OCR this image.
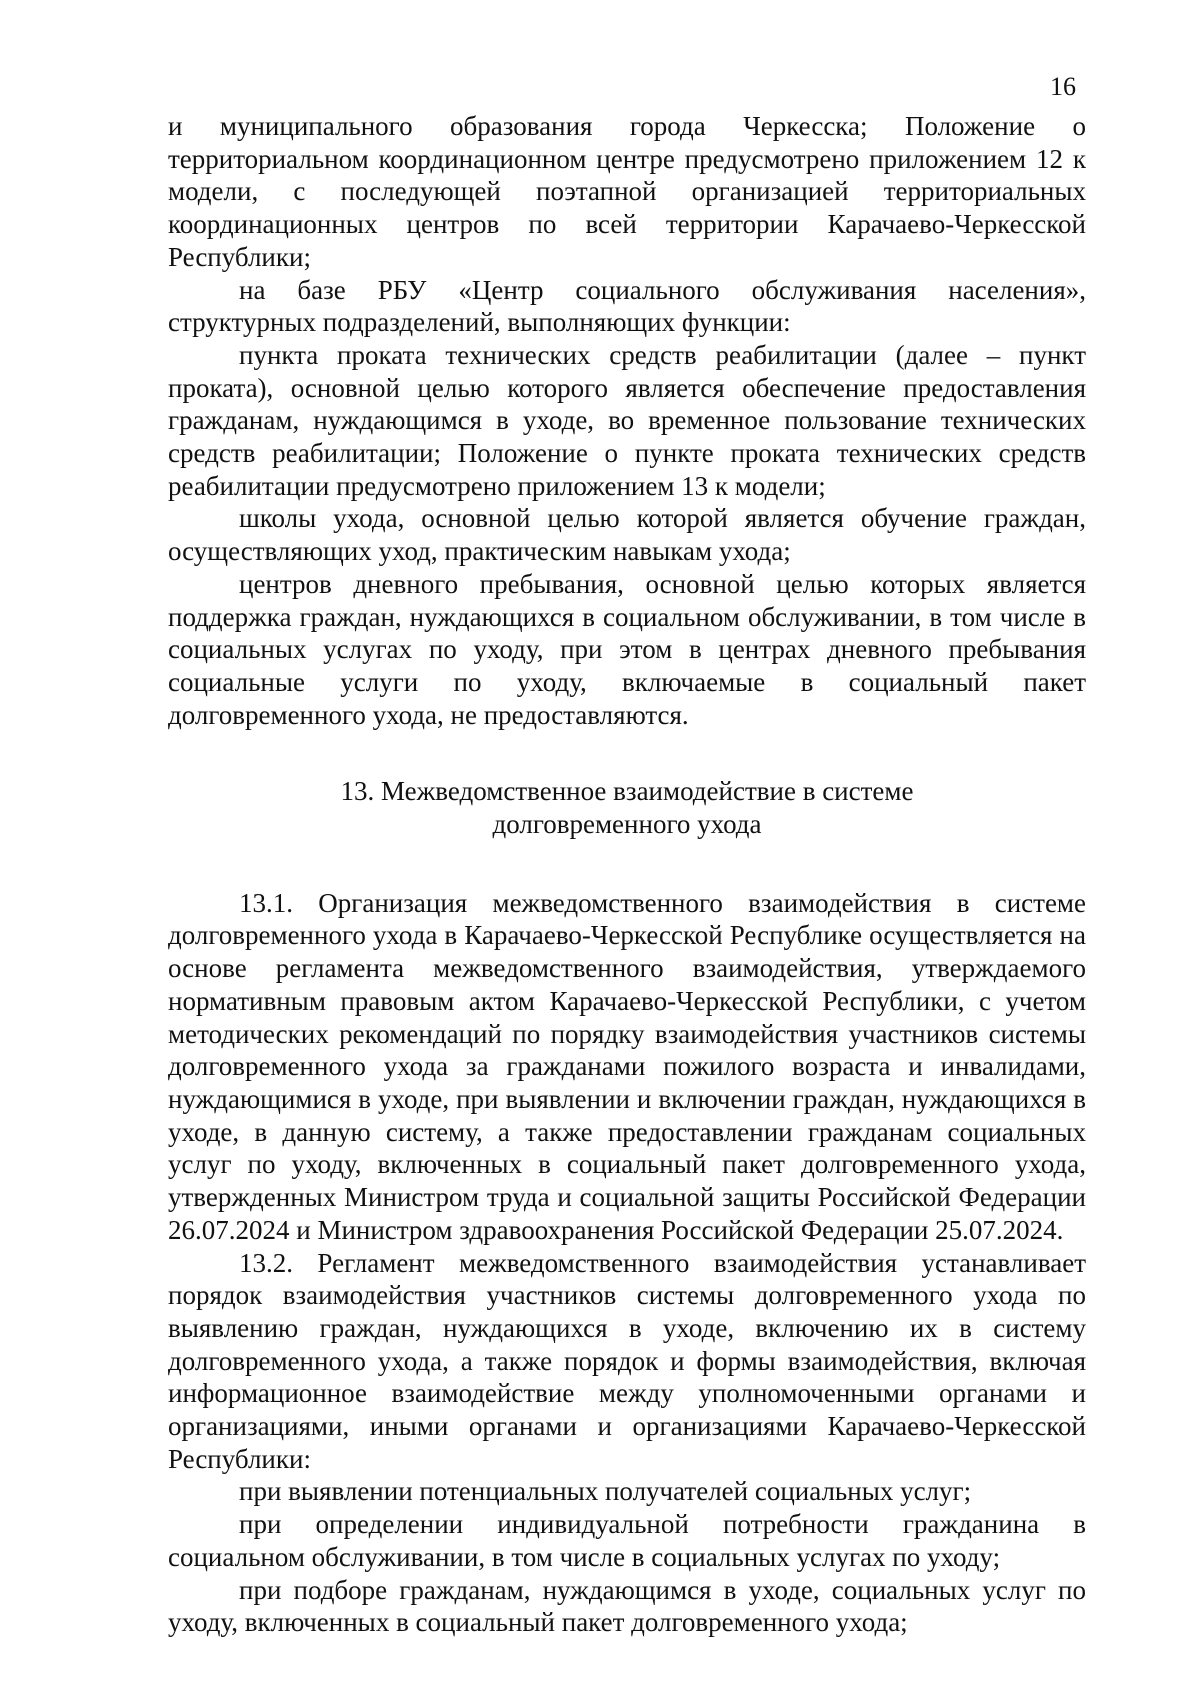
16

и муниципального образования города Черкесска; Положение о территориальном координационном центре предусмотрено приложением 12 к модели, с последующей поэтапной организацией территориальных координационных центров по всей территории Карачаево-Черкесской Республики;

на базе РБУ «Центр социального обслуживания населения», структурных подразделений, выполняющих функции:

пункта проката технических средств реабилитации (далее – пункт проката), основной целью которого является обеспечение предоставления гражданам, нуждающимся в уходе, во временное пользование технических средств реабилитации; Положение о пункте проката технических средств реабилитации предусмотрено приложением 13 к модели;

школы ухода, основной целью которой является обучение граждан, осуществляющих уход, практическим навыкам ухода;

центров дневного пребывания, основной целью которых является поддержка граждан, нуждающихся в социальном обслуживании, в том числе в социальных услугах по уходу, при этом в центрах дневного пребывания социальные услуги по уходу, включаемые в социальный пакет долговременного ухода, не предоставляются.

13. Межведомственное взаимодействие в системе
долговременного ухода

13.1. Организация межведомственного взаимодействия в системе долговременного ухода в Карачаево-Черкесской Республике осуществляется на основе регламента межведомственного взаимодействия, утверждаемого нормативным правовым актом Карачаево-Черкесской Республики, с учетом методических рекомендаций по порядку взаимодействия участников системы долговременного ухода за гражданами пожилого возраста и инвалидами, нуждающимися в уходе, при выявлении и включении граждан, нуждающихся в уходе, в данную систему, а также предоставлении гражданам социальных услуг по уходу, включенных в социальный пакет долговременного ухода, утвержденных Министром труда и социальной защиты Российской Федерации 26.07.2024 и Министром здравоохранения Российской Федерации 25.07.2024.

13.2. Регламент межведомственного взаимодействия устанавливает порядок взаимодействия участников системы долговременного ухода по выявлению граждан, нуждающихся в уходе, включению их в систему долговременного ухода, а также порядок и формы взаимодействия, включая информационное взаимодействие между уполномоченными органами и организациями, иными органами и организациями Карачаево-Черкесской Республики:

при выявлении потенциальных получателей социальных услуг;

при определении индивидуальной потребности гражданина в социальном обслуживании, в том числе в социальных услугах по уходу;

при подборе гражданам, нуждающимся в уходе, социальных услуг по уходу, включенных в социальный пакет долговременного ухода;
